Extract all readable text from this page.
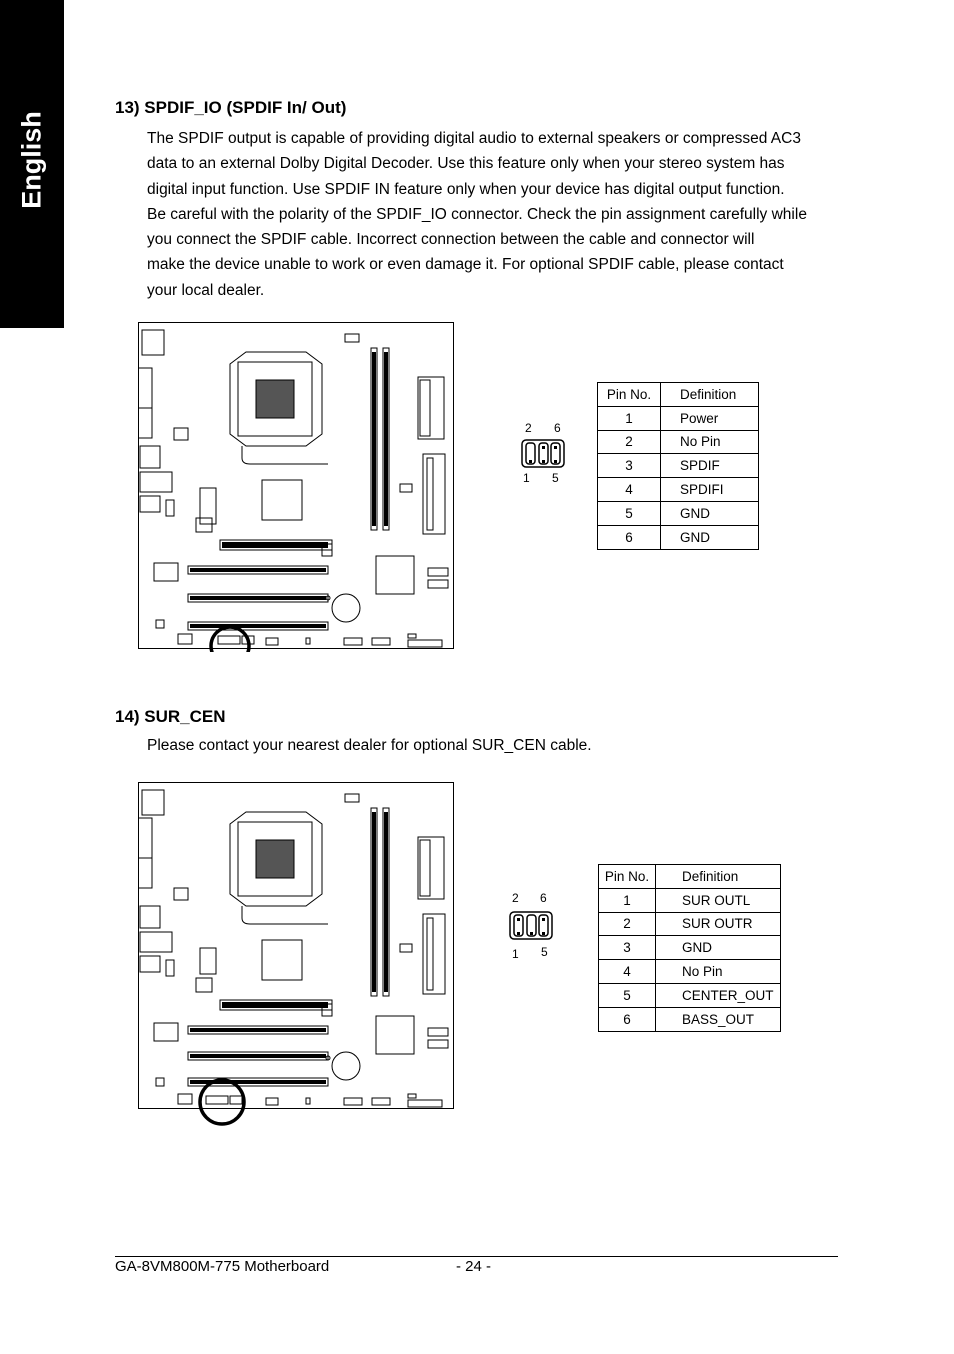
English
13) SPDIF_IO (SPDIF In/ Out)
The SPDIF output is capable of providing digital audio to external speakers or compressed AC3
data to an external Dolby Digital Decoder. Use this feature only when your stereo system has
digital input function. Use SPDIF IN feature only when your device has digital output function.
Be careful with the polarity of the SPDIF_IO connector. Check the pin assignment carefully while
you connect the SPDIF cable. Incorrect connection between the cable and connector will
make the device unable to work or even damage it. For optional SPDIF cable, please contact
your local dealer.
2 6
1 5
Pin No.	Definition
1	Power
2	No Pin
3	SPDIF
4	SPDIFI
5	GND
6	GND
14) SUR_CEN
Please contact your nearest dealer for optional SUR_CEN cable.
2 6
1 5
Pin No.	Definition
1	SUR OUTL
2	SUR OUTR
3	GND
4	No Pin
5	CENTER_OUT
6	BASS_OUT
GA-8VM800M-775 Motherboard	- 24 -
